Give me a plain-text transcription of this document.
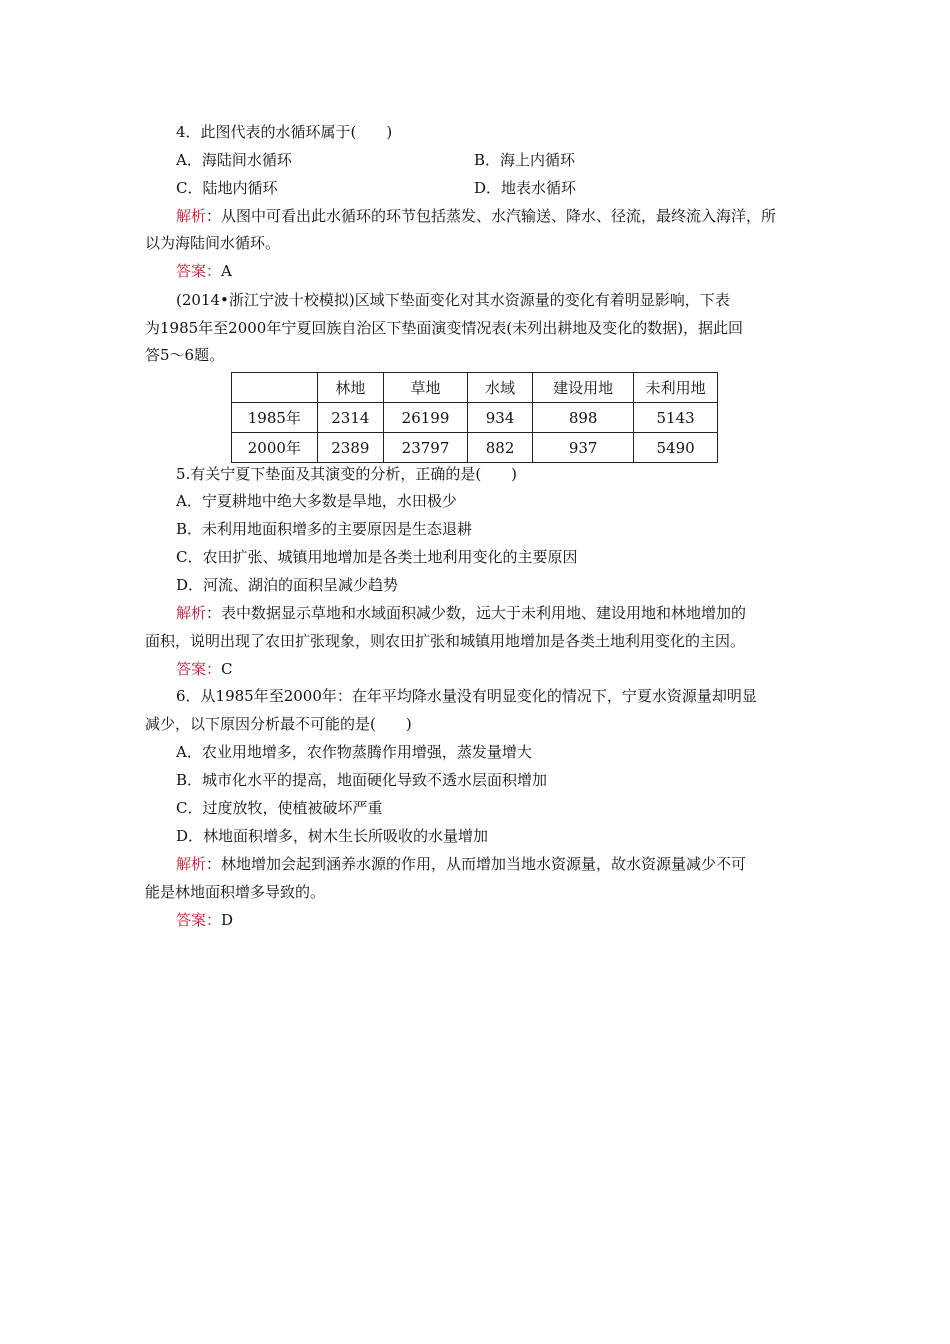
4．此图代表的水循环属于(　　)
A．海陆间水循环	B．海上内循环
C．陆地内循环	D．地表水循环
解析：从图中可看出此水循环的环节包括蒸发、水汽输送、降水、径流，最终流入海洋，所
以为海陆间水循环。
答案：A
(2014•浙江宁波十校模拟)区域下垫面变化对其水资源量的变化有着明显影响，下表
为1985年至2000年宁夏回族自治区下垫面演变情况表(未列出耕地及变化的数据)，据此回
答5～6题。
	林地	草地	水域	建设用地	未利用地
1985年	2314	26199	934	898	5143
2000年	2389	23797	882	937	5490
5.有关宁夏下垫面及其演变的分析，正确的是(　　)
A．宁夏耕地中绝大多数是旱地，水田极少
B．未利用地面积增多的主要原因是生态退耕
C．农田扩张、城镇用地增加是各类土地利用变化的主要原因
D．河流、湖泊的面积呈减少趋势
解析：表中数据显示草地和水域面积减少数，远大于未利用地、建设用地和林地增加的
面积，说明出现了农田扩张现象，则农田扩张和城镇用地增加是各类土地利用变化的主因。
答案：C
6．从1985年至2000年：在年平均降水量没有明显变化的情况下，宁夏水资源量却明显
减少，以下原因分析最不可能的是(　　)
A．农业用地增多，农作物蒸腾作用增强，蒸发量增大
B．城市化水平的提高，地面硬化导致不透水层面积增加
C．过度放牧，使植被破坏严重
D．林地面积增多，树木生长所吸收的水量增加
解析：林地增加会起到涵养水源的作用，从而增加当地水资源量，故水资源量减少不可
能是林地面积增多导致的。
答案：D
